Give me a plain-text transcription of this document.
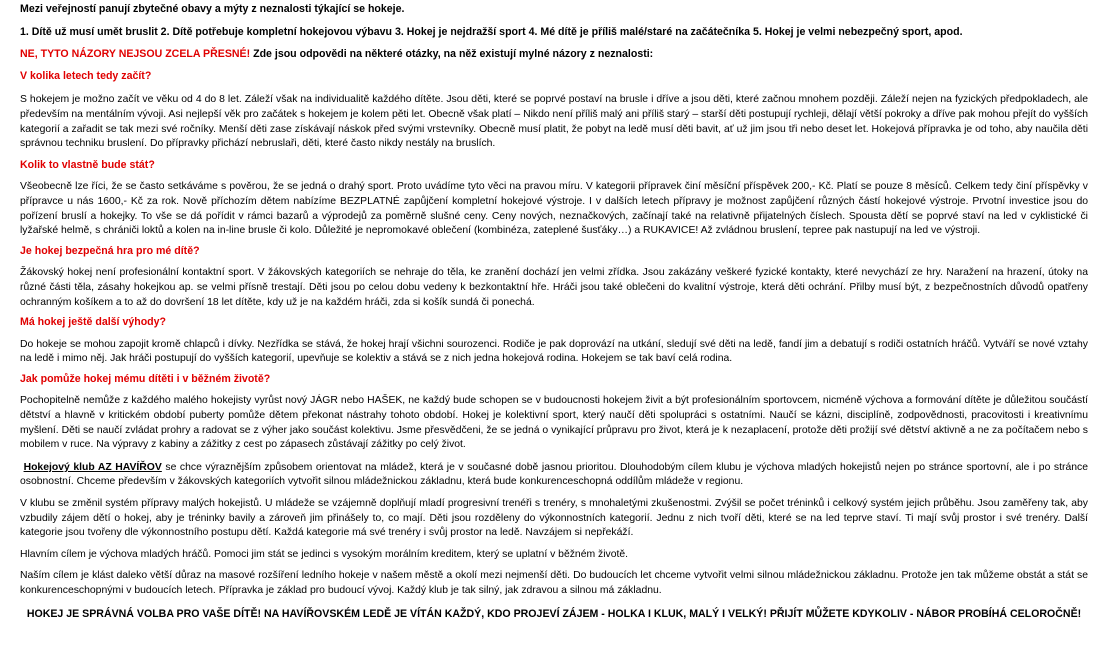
Mezi veřejností panují zbytečné obavy a mýty z neznalosti týkající se hokeje.

1. Dítě už musí umět bruslit 2. Dítě potřebuje kompletní hokejovou výbavu 3. Hokej je nejdražší sport 4. Mé dítě je příliš malé/staré na začátečníka 5. Hokej je velmi nebezpečný sport, apod.

NE, TYTO NÁZORY NEJSOU ZCELA PŘESNÉ! Zde jsou odpovědi na některé otázky, na něž existují mylné názory z neznalosti:

V kolika letech tedy začít?

S hokejem je možno začít ve věku od 4 do 8 let. Záleží však na individualitě každého dítěte. Jsou děti, které se poprvé postaví na brusle i dříve a jsou děti, které začnou mnohem později. Záleží nejen na fyzických předpokladech, ale především na mentálním vývoji. Asi nejlepší věk pro začátek s hokejem je kolem pěti let. Obecně však platí – Nikdo není příliš malý ani příliš starý – starší děti postupují rychleji, dělají větší pokroky a dříve pak mohou přejít do vyšších kategorií a zařadit se tak mezi své ročníky. Menší děti zase získávají náskok před svými vrstevníky. Obecně musí platit, že pobyt na ledě musí děti bavit, ať už jim jsou tři nebo deset let. Hokejová přípravka je od toho, aby naučila děti správnou techniku bruslení. Do přípravky přichází nebruslaři, děti, které často nikdy nestály na bruslích.

Kolik to vlastně bude stát?

Všeobecně lze říci, že se často setkáváme s pověrou, že se jedná o drahý sport. Proto uvádíme tyto věci na pravou míru. V kategorii přípravek činí měsíční příspěvek 200,- Kč. Platí se pouze 8 měsíců. Celkem tedy činí příspěvky v přípravce u nás 1600,- Kč za rok. Nově příchozím dětem nabízíme BEZPLATNÉ zapůjčení kompletní hokejové výstroje. I v dalších letech přípravy je možnost zapůjčení různých částí hokejové výstroje. Prvotní investice jsou do pořízení bruslí a hokejky. To vše se dá pořídit v rámci bazarů a výprodejů za poměrně slušné ceny. Ceny nových, neznačkových, začínají také na relativně přijatelných číslech. Spousta dětí se poprvé staví na led v cyklistické či lyžařské helmě, s chrániči loktů a kolen na in-line brusle či kolo. Důležité je nepromokavé oblečení (kombinéza, zateplené šusťáky…) a RUKAVICE! Až zvládnou bruslení, tepree pak nastupují na led ve výstroji.

Je hokej bezpečná hra pro mé dítě?

Žákovský hokej není profesionální kontaktní sport. V žákovských kategoriích se nehraje do těla, ke zranění dochází jen velmi zřídka. Jsou zakázány veškeré fyzické kontakty, které nevychází ze hry. Naražení na hrazení, útoky na různé části těla, zásahy hokejkou ap. se velmi přísně trestají. Děti jsou po celou dobu vedeny k bezkontaktní hře. Hráči jsou také oblečeni do kvalitní výstroje, která děti ochrání. Přilby musí být, z bezpečnostních důvodů opatřeny ochranným košíkem a to až do dovršení 18 let dítěte, kdy už je na každém hráči, zda si košík sundá či ponechá.

Má hokej ještě další výhody?

Do hokeje se mohou zapojit kromě chlapců i dívky. Nezřídka se stává, že hokej hrají všichni sourozenci. Rodiče je pak doprovází na utkání, sledují své děti na ledě, fandí jim a debatují s rodiči ostatních hráčů. Vytváří se nové vztahy na ledě i mimo něj. Jak hráči postupují do vyšších kategorií, upevňuje se kolektiv a stává se z nich jedna hokejová rodina. Hokejem se tak baví celá rodina.

Jak pomůže hokej mému dítěti i v běžném životě?

Pochopitelně nemůže z každého malého hokejisty vyrůst nový JÁGR nebo HAŠEK, ne každý bude schopen se v budoucnosti hokejem živit a být profesionálním sportovcem, nicméně výchova a formování dítěte je důležitou součástí dětství a hlavně v kritickém období puberty pomůže dětem překonat nástrahy tohoto období. Hokej je kolektivní sport, který naučí děti spolupráci s ostatními. Naučí se kázni, disciplíně, zodpovědnosti, pracovitosti i kreativnímu myšlení. Děti se naučí zvládat prohry a radovat se z výher jako součást kolektivu. Jsme přesvědčeni, že se jedná o vynikající průpravu pro život, která je k nezaplacení, protože děti prožijí své dětství aktivně a ne za počítačem nebo s mobilem v ruce. Na výpravy z kabiny a zážitky z cest po zápasech zůstávají zážitky po celý život.

Hokejový klub AZ HAVÍŘOV se chce výraznějším způsobem orientovat na mládež, která je v současné době jasnou prioritou. Dlouhodobým cílem klubu je výchova mladých hokejistů nejen po stránce sportovní, ale i po stránce osobnostní. Chceme především v žákovských kategoriích vytvořit silnou mládežnickou základnu, která bude konkurenceschopná oddílům mládeže v regionu.

V klubu se změnil systém přípravy malých hokejistů. U mládeže se vzájemně doplňují mladí progresivní trenéři s trenéry, s mnohaletými zkušenostmi. Zvýšil se počet tréninků i celkový systém jejich průběhu. Jsou zaměřeny tak, aby vzbudily zájem dětí o hokej, aby je tréninky bavily a zároveň jim přinášely to, co mají. Děti jsou rozděleny do výkonnostních kategorií. Jednu z nich tvoří děti, které se na led teprve staví. Ti mají svůj prostor i své trenéry. Další kategorie jsou tvořeny dle výkonnostního postupu dětí. Každá kategorie má své trenéry i svůj prostor na ledě. Navzájem si nepřekáží.

Hlavním cílem je výchova mladých hráčů. Pomoci jim stát se jedinci s vysokým morálním kreditem, který se uplatní v běžném životě.

Naším cílem je klást daleko větší důraz na masové rozšíření ledního hokeje v našem městě a okolí mezi nejmenší děti. Do budoucích let chceme vytvořit velmi silnou mládežnickou základnu. Protože jen tak můžeme obstát a stát se konkurenceschopnými v budoucích letech. Přípravka je základ pro budoucí vývoj. Každý klub je tak silný, jak zdravou a silnou má základnu.

HOKEJ JE SPRÁVNÁ VOLBA PRO VAŠE DÍTĚ! NA HAVÍŘOVSKÉM LEDĚ JE VÍTÁN KAŽDÝ, KDO PROJEVÍ ZÁJEM - HOLKA I KLUK, MALÝ I VELKÝ! PŘIJÍT MŮŽETE KDYKOLIV - NÁBOR PROBÍHÁ CELOROČNĚ!
